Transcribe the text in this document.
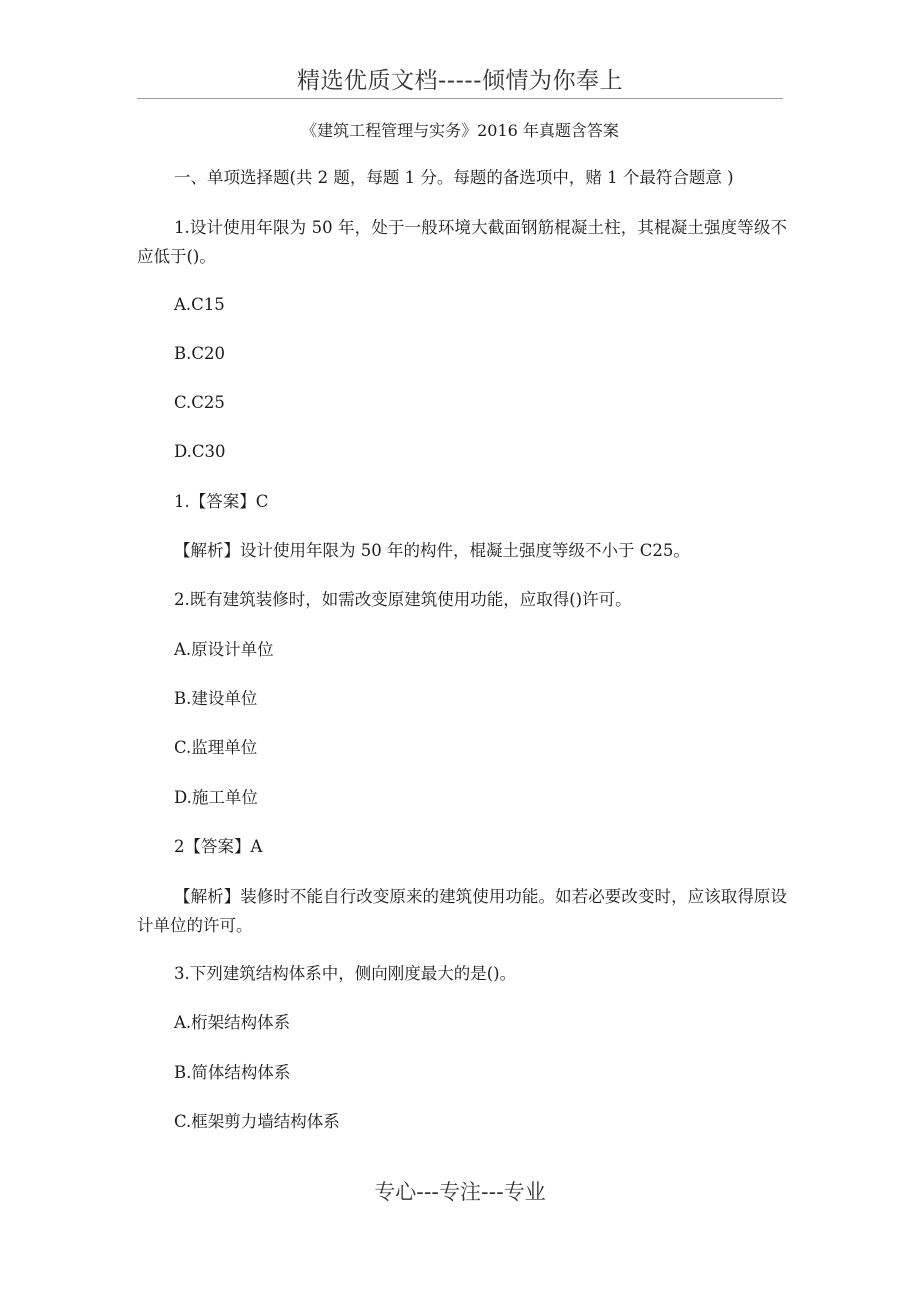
精选优质文档-----倾情为你奉上
《建筑工程管理与实务》2016 年真题含答案
一、单项选择题(共 2 题，每题 1 分。每题的备选项中，赌 1 个最符合题意 )
1.设计使用年限为 50 年，处于一般环境大截面钢筋棍凝土柱，其棍凝土强度等级不应低于()。
A.C15
B.C20
C.C25
D.C30
1.【答案】C
【解析】设计使用年限为 50 年的构件，棍凝土强度等级不小于 C25。
2.既有建筑装修时，如需改变原建筑使用功能，应取得()许可。
A.原设计单位
B.建设单位
C.监理单位
D.施工单位
2【答案】A
【解析】装修时不能自行改变原来的建筑使用功能。如若必要改变时，应该取得原设计单位的许可。
3.下列建筑结构体系中，侧向刚度最大的是()。
A.桁架结构体系
B.简体结构体系
C.框架剪力墙结构体系
专心---专注---专业
